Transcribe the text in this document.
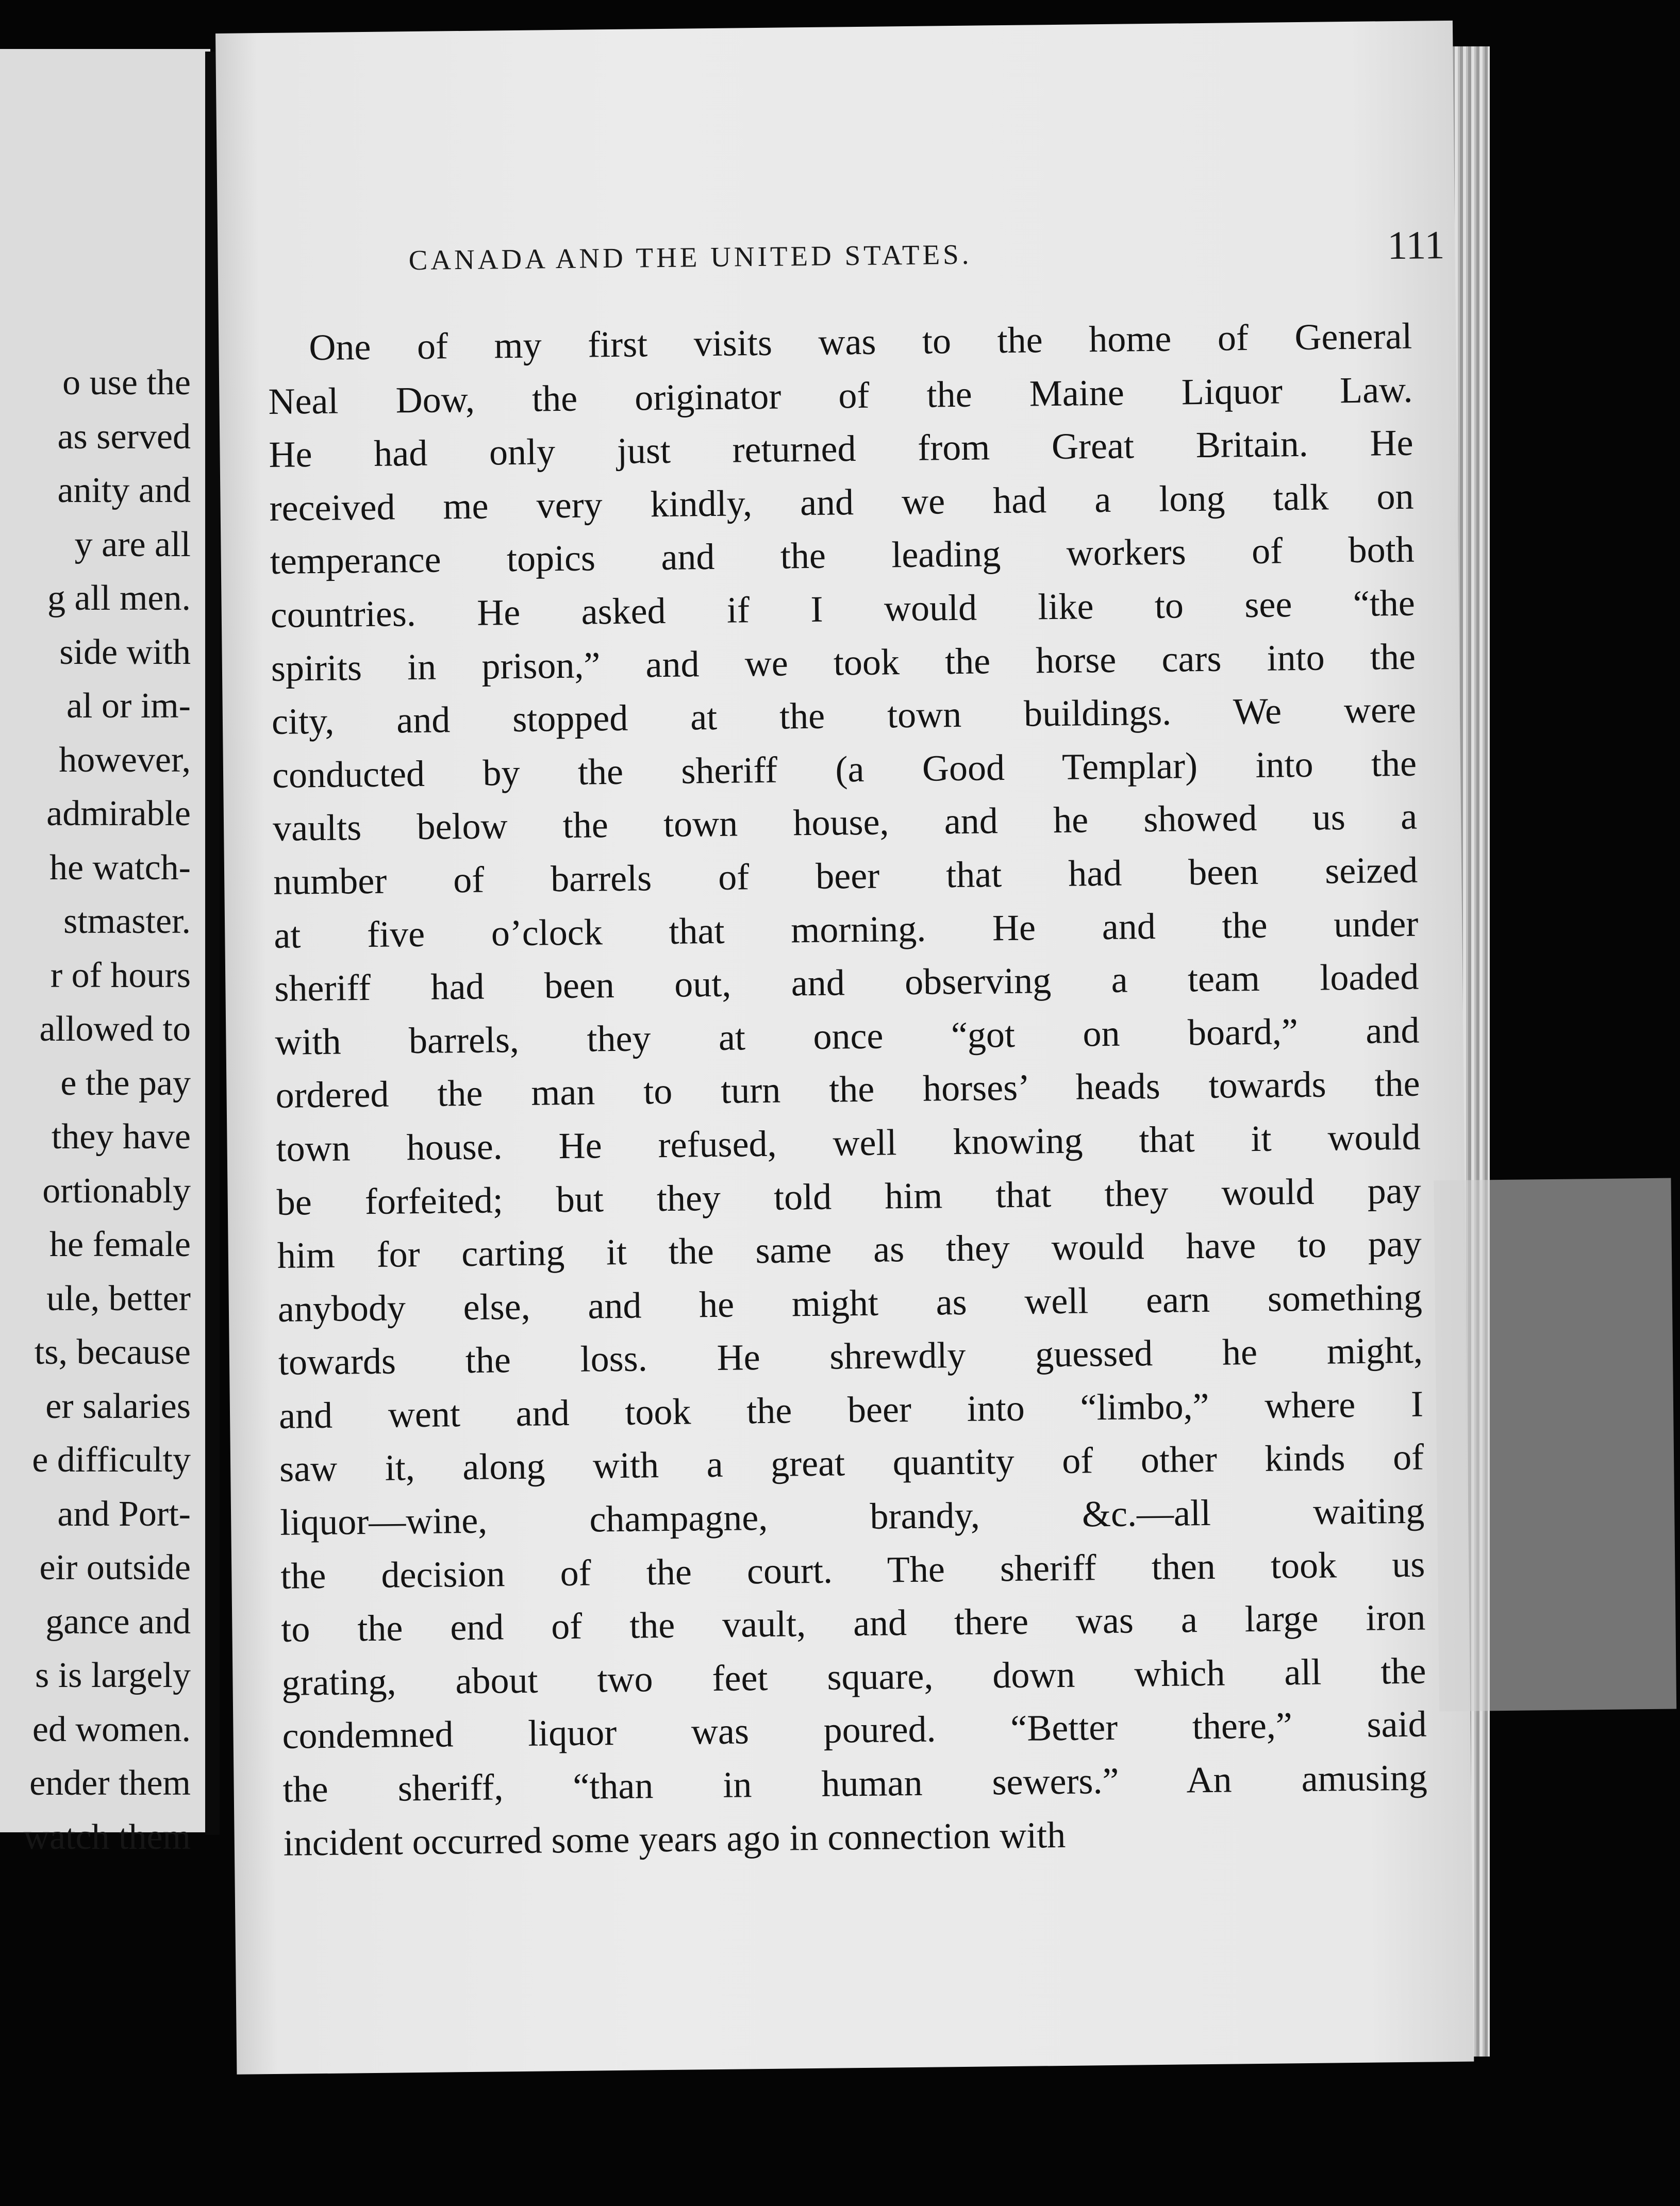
o use the
as served
anity and
y are all
g all men.
side with
al or im-
however,
admirable
he watch-
stmaster.
r of hours
allowed to
e the pay
they have
ortionably
he female
ule, better
ts, because
er salaries
e difficulty
and Port-
eir outside
gance and
s is largely
ed women.
ender them
watch them
CANADA AND THE UNITED STATES.	111
One of my first visits was to the home of General
Neal Dow, the originator of the Maine Liquor Law.
He had only just returned from Great Britain. He
received me very kindly, and we had a long talk on
temperance topics and the leading workers of both
countries. He asked if I would like to see “the
spirits in prison,” and we took the horse cars into the
city, and stopped at the town buildings. We were
conducted by the sheriff (a Good Templar) into the
vaults below the town house, and he showed us a
number of barrels of beer that had been seized
at five o’clock that morning. He and the under
sheriff had been out, and observing a team loaded
with barrels, they at once “got on board,” and
ordered the man to turn the horses’ heads towards the
town house. He refused, well knowing that it would
be forfeited; but they told him that they would pay
him for carting it the same as they would have to pay
anybody else, and he might as well earn something
towards the loss. He shrewdly guessed he might,
and went and took the beer into “limbo,” where I
saw it, along with a great quantity of other kinds of
liquor—wine, champagne, brandy, &c.—all waiting
the decision of the court. The sheriff then took us
to the end of the vault, and there was a large iron
grating, about two feet square, down which all the
condemned liquor was poured. “Better there,” said
the sheriff, “than in human sewers.” An amusing
incident occurred some years ago in connection with
